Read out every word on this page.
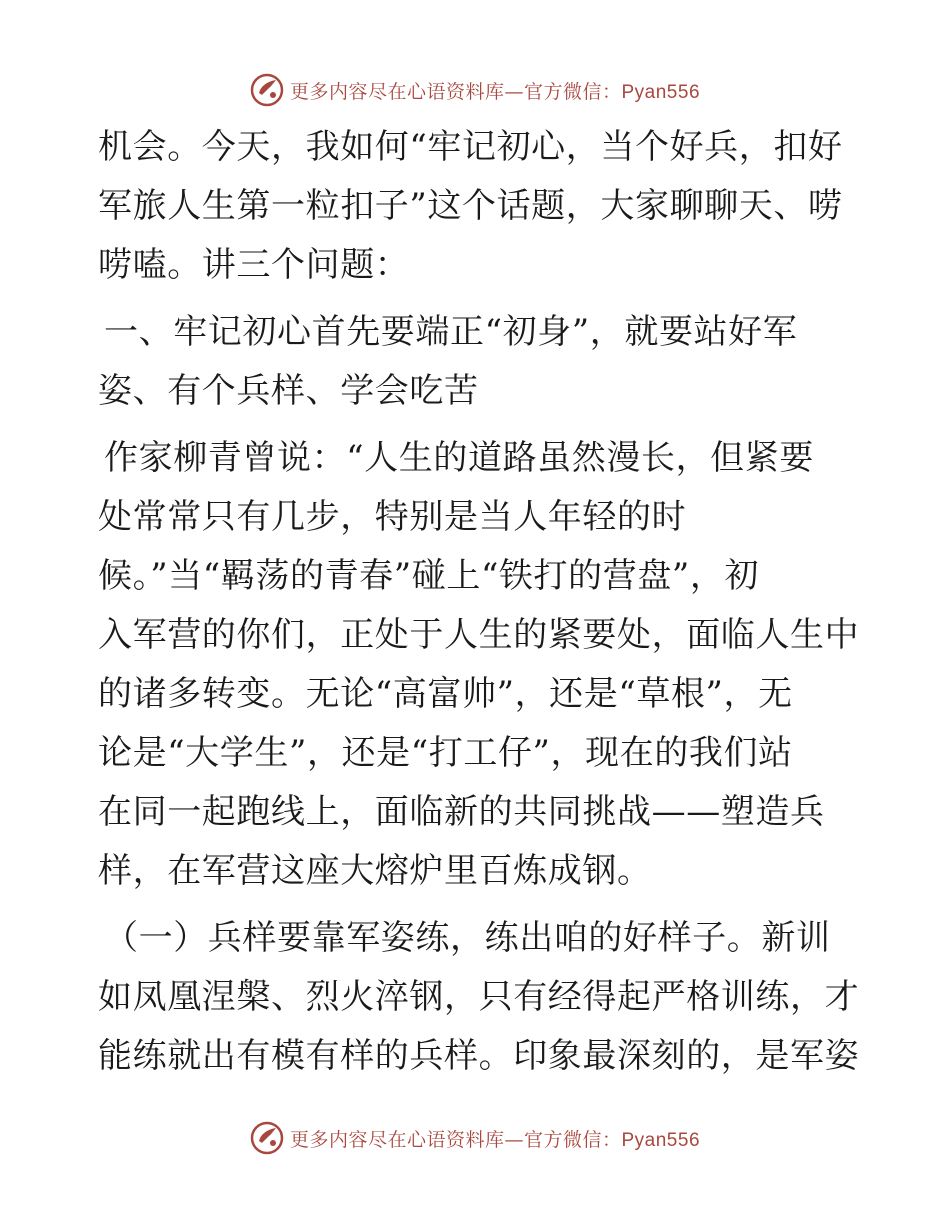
更多内容尽在心语资料库—官方微信：Pyan556
机会。今天，我如何“牢记初心，当个好兵，扣好
军旅人生第一粒扣子”这个话题，大家聊聊天、唠
唠嗑。讲三个问题：
一、牢记初心首先要端正“初身”，就要站好军
姿、有个兵样、学会吃苦
作家柳青曾说：“人生的道路虽然漫长，但紧要
处常常只有几步，特别是当人年轻的时
候。”当“羁荡的青春”碰上“铁打的营盘”，初
入军营的你们，正处于人生的紧要处，面临人生中
的诸多转变。无论“高富帅”，还是“草根”，无
论是“大学生”，还是“打工仔”，现在的我们站
在同一起跑线上，面临新的共同挑战——塑造兵
样，在军营这座大熔炉里百炼成钢。
（一）兵样要靠军姿练，练出咱的好样子。新训
如凤凰涅槃、烈火淬钢，只有经得起严格训练，才
能练就出有模有样的兵样。印象最深刻的，是军姿
更多内容尽在心语资料库—官方微信：Pyan556
